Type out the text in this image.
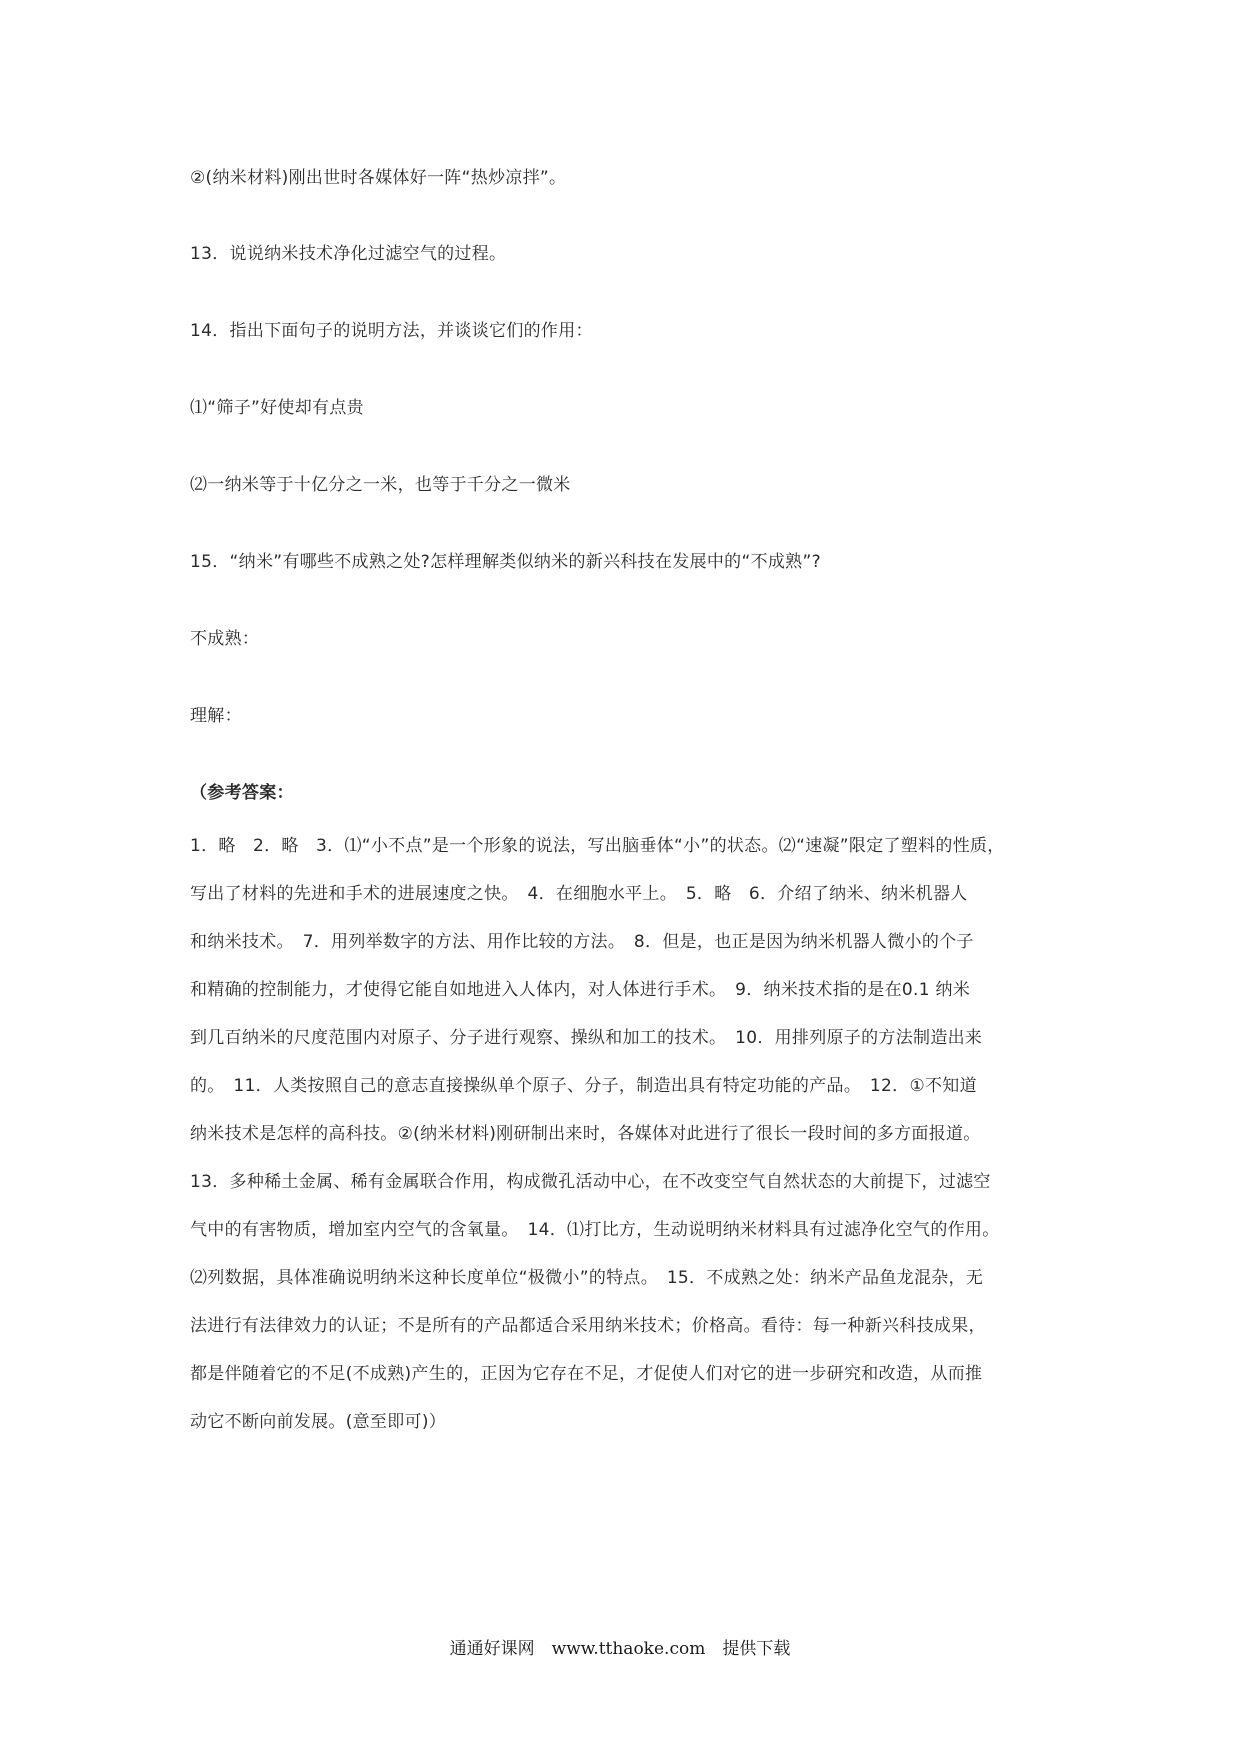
②(纳米材料)刚出世时各媒体好一阵“热炒凉拌”。
13．说说纳米技术净化过滤空气的过程。
14．指出下面句子的说明方法，并谈谈它们的作用：
⑴“筛子”好使却有点贵
⑵一纳米等于十亿分之一米，也等于千分之一微米
15．“纳米”有哪些不成熟之处?怎样理解类似纳米的新兴科技在发展中的“不成熟”?
不成熟：
理解：
（参考答案：
1．略　2．略　3．⑴“小不点”是一个形象的说法，写出脑垂体“小”的状态。⑵“速凝”限定了塑料的性质，
写出了材料的先进和手术的进展速度之快。　4．在细胞水平上。　5．略　6．介绍了纳米、纳米机器人
和纳米技术。　7．用列举数字的方法、用作比较的方法。　8．但是，也正是因为纳米机器人微小的个子
和精确的控制能力，才使得它能自如地进入人体内，对人体进行手术。　9．纳米技术指的是在0.1 纳米
到几百纳米的尺度范围内对原子、分子进行观察、操纵和加工的技术。　10．用排列原子的方法制造出来
的。　11．人类按照自己的意志直接操纵单个原子、分子，制造出具有特定功能的产品。　12．①不知道
纳米技术是怎样的高科技。②(纳米材料)刚研制出来时，各媒体对此进行了很长一段时间的多方面报道。
13．多种稀土金属、稀有金属联合作用，构成微孔活动中心，在不改变空气自然状态的大前提下，过滤空
气中的有害物质，增加室内空气的含氧量。　14．⑴打比方，生动说明纳米材料具有过滤净化空气的作用。
⑵列数据，具体准确说明纳米这种长度单位“极微小”的特点。　15．不成熟之处：纳米产品鱼龙混杂，无
法进行有法律效力的认证；不是所有的产品都适合采用纳米技术；价格高。看待：每一种新兴科技成果，
都是伴随着它的不足(不成熟)产生的，正因为它存在不足，才促使人们对它的进一步研究和改造，从而推
动它不断向前发展。(意至即可)）
通通好课网　www.tthaoke.com　提供下载
